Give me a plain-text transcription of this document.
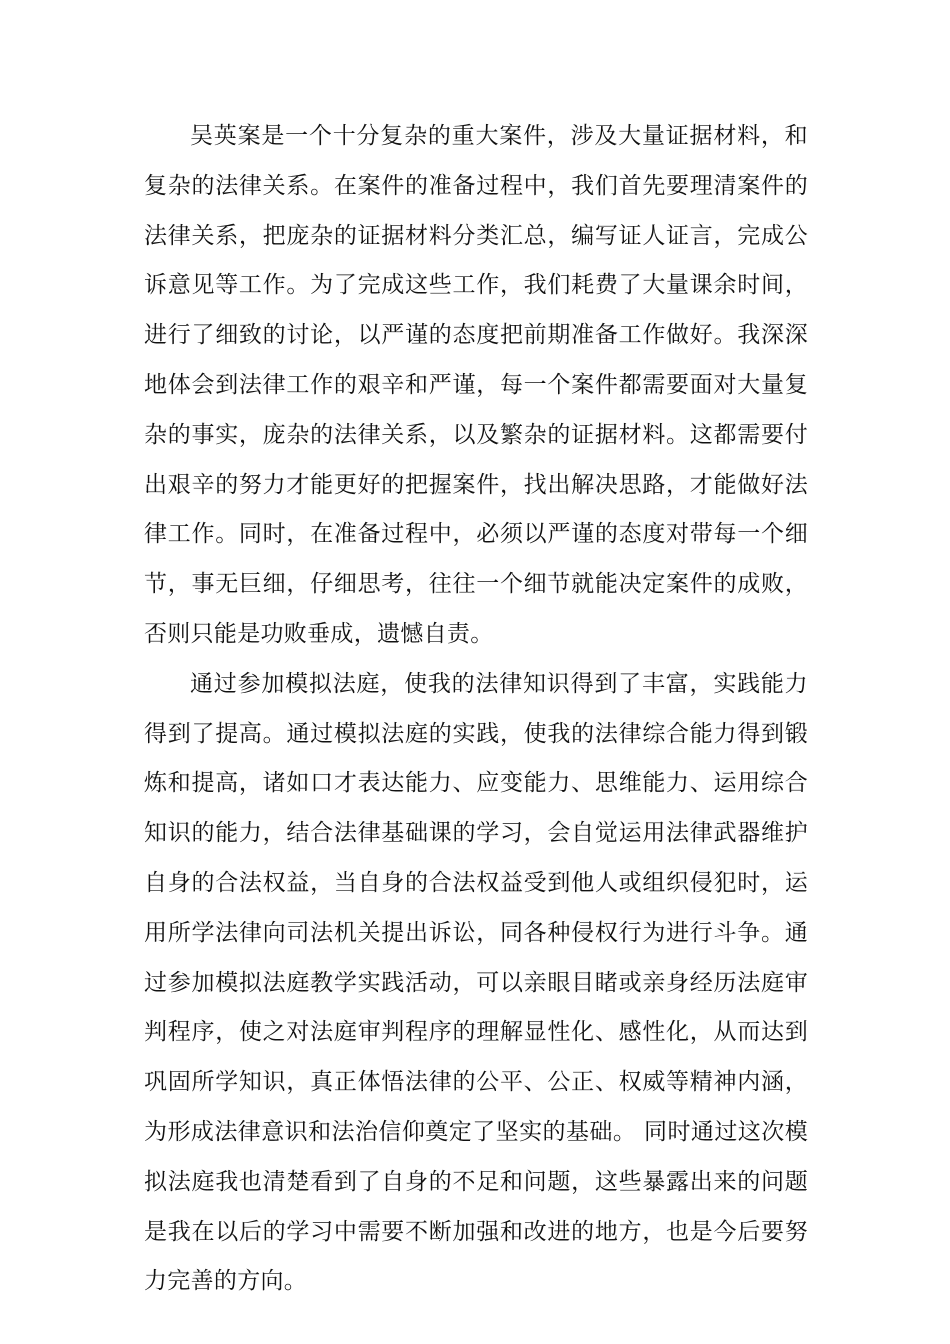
吴英案是一个十分复杂的重大案件，涉及大量证据材料，和复杂的法律关系。在案件的准备过程中，我们首先要理清案件的法律关系，把庞杂的证据材料分类汇总，编写证人证言，完成公诉意见等工作。为了完成这些工作，我们耗费了大量课余时间，进行了细致的讨论，以严谨的态度把前期准备工作做好。我深深地体会到法律工作的艰辛和严谨，每一个案件都需要面对大量复杂的事实，庞杂的法律关系，以及繁杂的证据材料。这都需要付出艰辛的努力才能更好的把握案件，找出解决思路，才能做好法律工作。同时，在准备过程中，必须以严谨的态度对带每一个细节，事无巨细，仔细思考，往往一个细节就能决定案件的成败，否则只能是功败垂成，遗憾自责。

通过参加模拟法庭，使我的法律知识得到了丰富，实践能力得到了提高。通过模拟法庭的实践，使我的法律综合能力得到锻炼和提高，诸如口才表达能力、应变能力、思维能力、运用综合知识的能力，结合法律基础课的学习，会自觉运用法律武器维护自身的合法权益，当自身的合法权益受到他人或组织侵犯时，运用所学法律向司法机关提出诉讼，同各种侵权行为进行斗争。通过参加模拟法庭教学实践活动，可以亲眼目睹或亲身经历法庭审判程序，使之对法庭审判程序的理解显性化、感性化，从而达到巩固所学知识，真正体悟法律的公平、公正、权威等精神内涵，为形成法律意识和法治信仰奠定了坚实的基础。 同时通过这次模拟法庭我也清楚看到了自身的不足和问题，这些暴露出来的问题是我在以后的学习中需要不断加强和改进的地方，也是今后要努力完善的方向。
